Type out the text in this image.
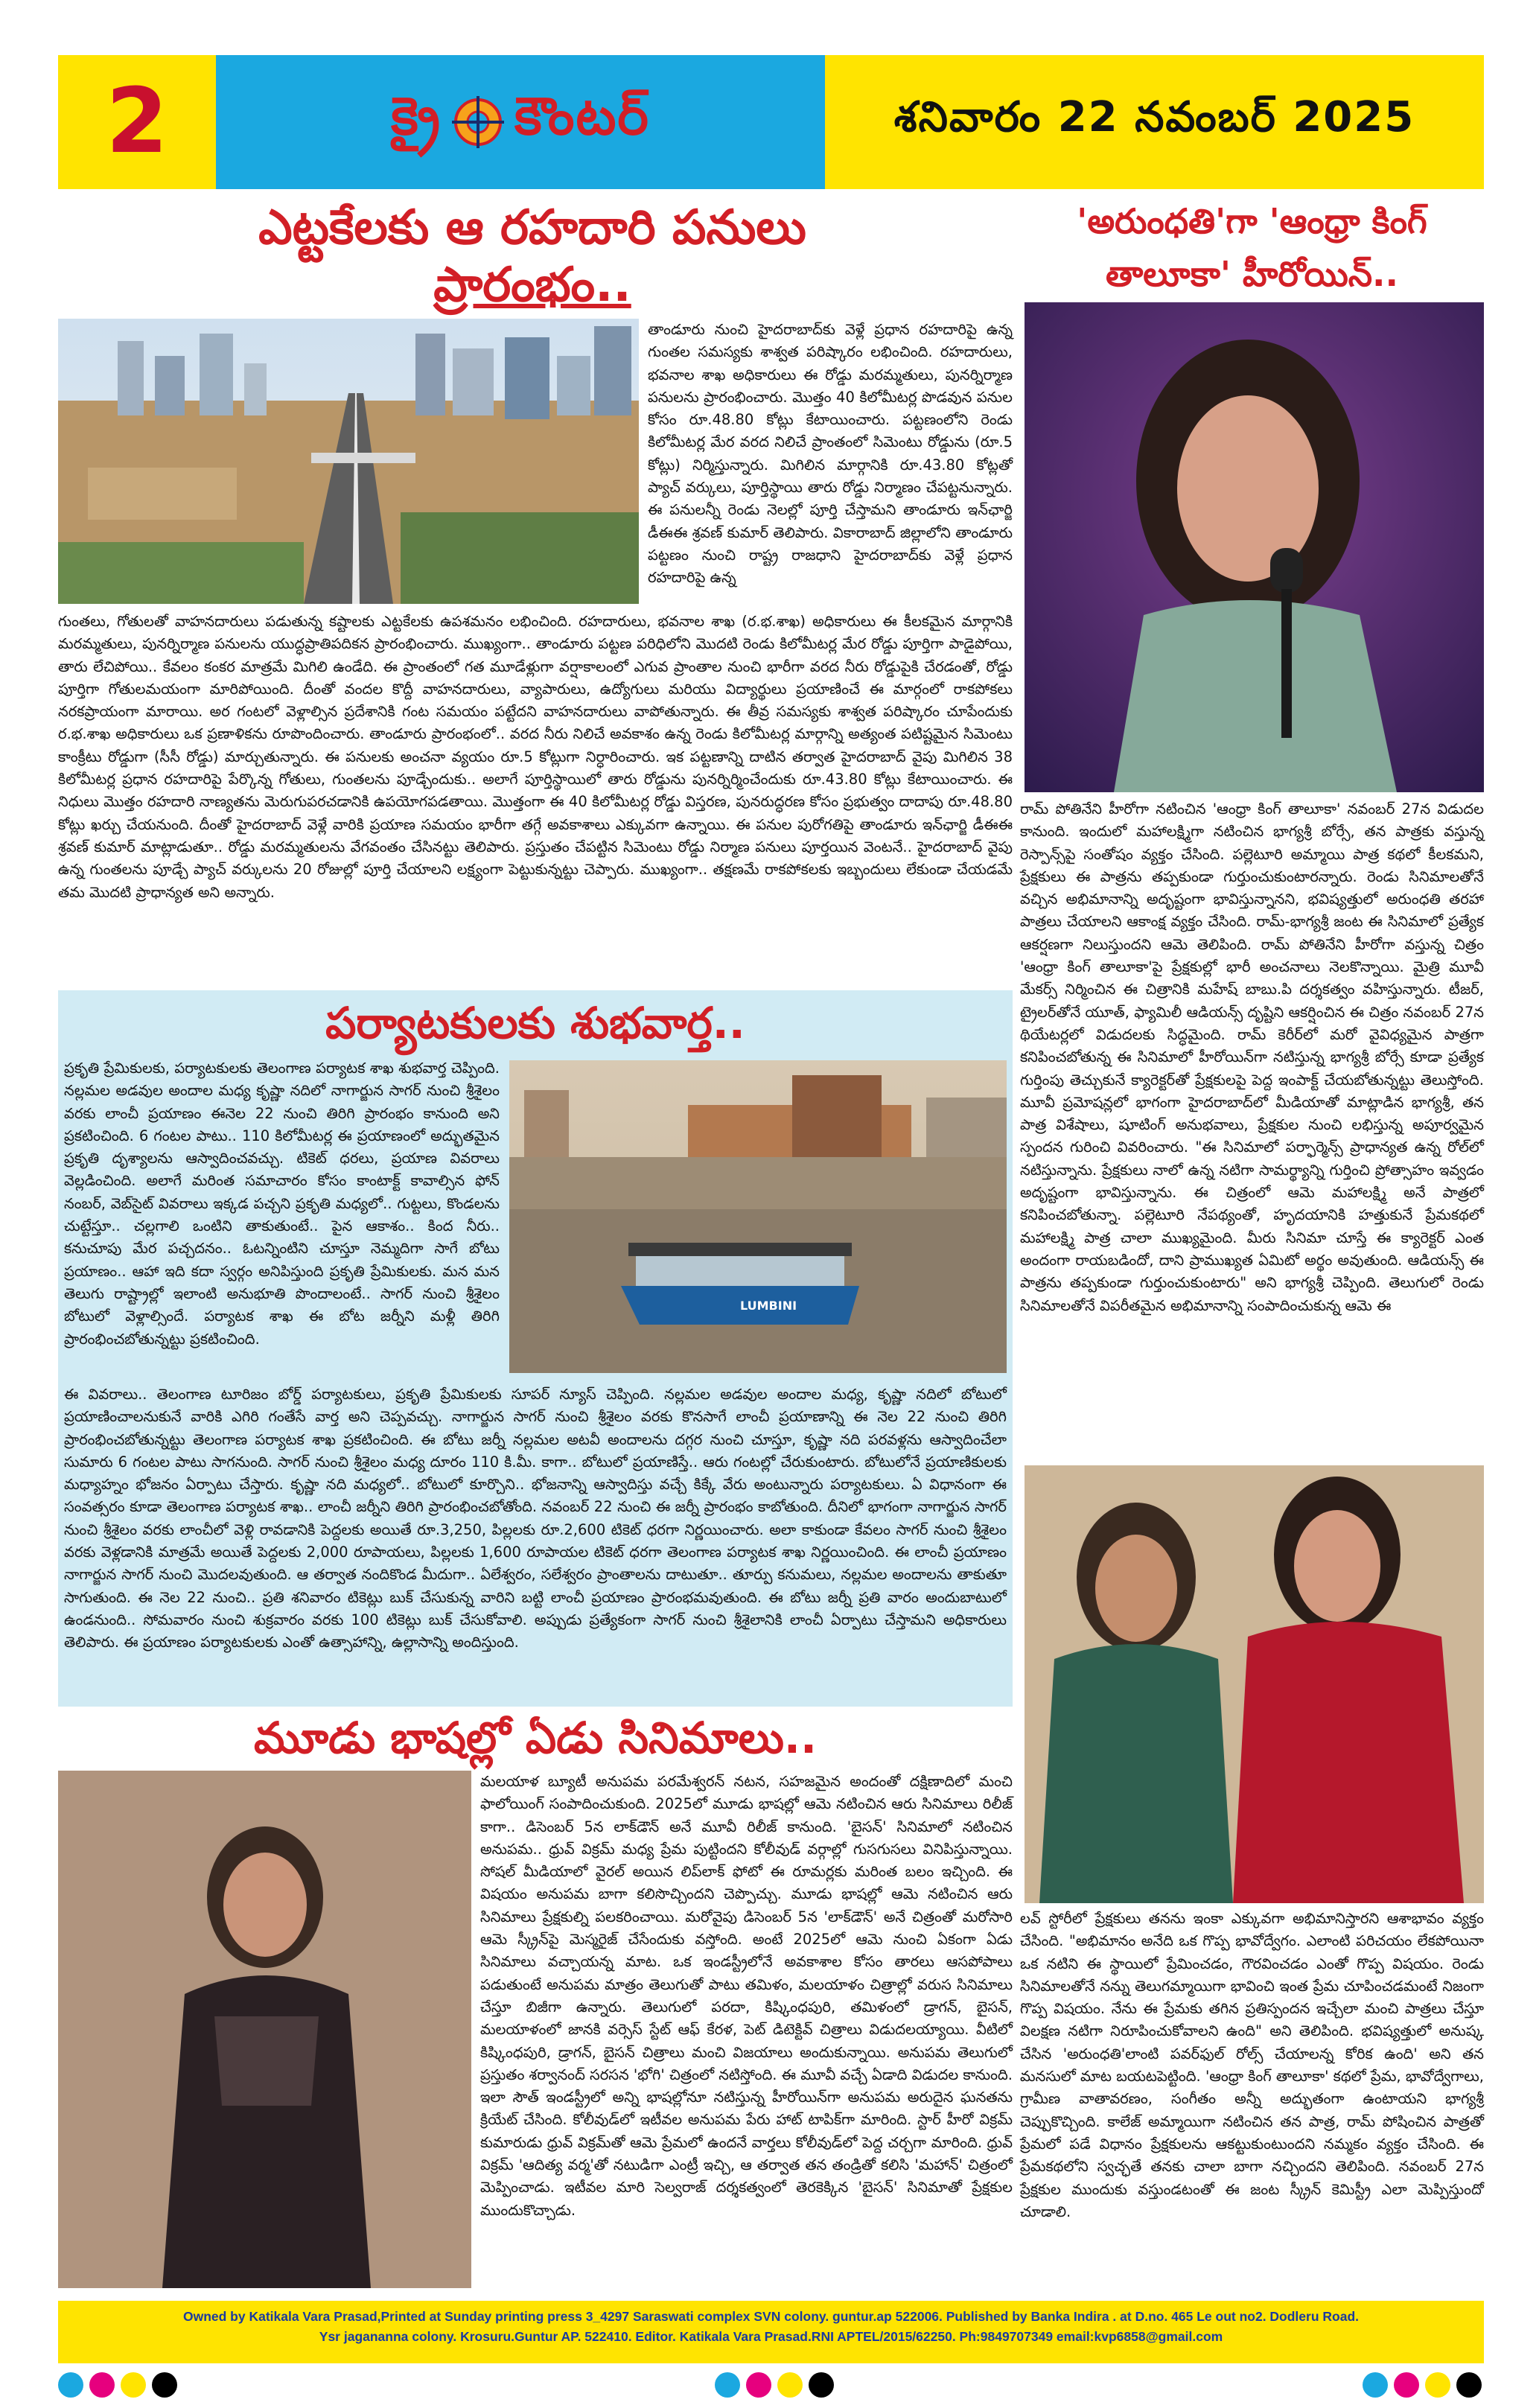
2	క్రై కౌంటర్	శనివారం 22 నవంబర్ 2025
ఎట్టకేలకు ఆ రహదారి పనులు
ప్రారంభం..
తాండూరు నుంచి హైదరాబాద్‌కు వెళ్లే ప్రధాన రహదారిపై ఉన్న గుంతల సమస్యకు శాశ్వత పరిష్కారం లభించింది. రహదారులు, భవనాల శాఖ అధికారులు ఈ రోడ్డు మరమ్మతులు, పునర్నిర్మాణ పనులను ప్రారంభించారు. మొత్తం 40 కిలోమీటర్ల పొడవున పనుల కోసం రూ.48.80 కోట్లు కేటాయించారు. పట్టణంలోని రెండు కిలోమీటర్ల మేర వరద నిలిచే ప్రాంతంలో సిమెంటు రోడ్డును (రూ.5 కోట్లు) నిర్మిస్తున్నారు. మిగిలిన మార్గానికి రూ.43.80 కోట్లతో ప్యాచ్ వర్కులు, పూర్తిస్థాయి తారు రోడ్డు నిర్మాణం చేపట్టనున్నారు. ఈ పనులన్నీ రెండు నెలల్లో పూర్తి చేస్తామని తాండూరు ఇన్‌ఛార్జి డీఈఈ శ్రవణ్ కుమార్ తెలిపారు. వికారాబాద్ జిల్లాలోని తాండూరు పట్టణం నుంచి రాష్ట్ర రాజధాని హైదరాబాద్‌కు వెళ్లే ప్రధాన రహదారిపై ఉన్న
గుంతలు, గోతులతో వాహనదారులు పడుతున్న కష్టాలకు ఎట్టకేలకు ఉపశమనం లభించింది. రహదారులు, భవనాల శాఖ (ర.భ.శాఖ) అధికారులు ఈ కీలకమైన మార్గానికి మరమ్మతులు, పునర్నిర్మాణ పనులను యుద్ధప్రాతిపదికన ప్రారంభించారు. ముఖ్యంగా.. తాండూరు పట్టణ పరిధిలోని మొదటి రెండు కిలోమీటర్ల మేర రోడ్డు పూర్తిగా పాడైపోయి, తారు లేచిపోయి.. కేవలం కంకర మాత్రమే మిగిలి ఉండేది. ఈ ప్రాంతంలో గత మూడేళ్లుగా వర్షాకాలంలో ఎగువ ప్రాంతాల నుంచి భారీగా వరద నీరు రోడ్డుపైకి చేరడంతో, రోడ్డు పూర్తిగా గోతులమయంగా మారిపోయింది. దీంతో వందల కొద్దీ వాహనదారులు, వ్యాపారులు, ఉద్యోగులు మరియు విద్యార్థులు ప్రయాణించే ఈ మార్గంలో రాకపోకలు నరకప్రాయంగా మారాయి. అర గంటలో వెళ్లాల్సిన ప్రదేశానికి గంట సమయం పట్టేదని వాహనదారులు వాపోతున్నారు. ఈ తీవ్ర సమస్యకు శాశ్వత పరిష్కారం చూపేందుకు ర.భ.శాఖ అధికారులు ఒక ప్రణాళికను రూపొందించారు. తాండూరు ప్రారంభంలో.. వరద నీరు నిలిచే అవకాశం ఉన్న రెండు కిలోమీటర్ల మార్గాన్ని అత్యంత పటిష్టమైన సిమెంటు కాంక్రీటు రోడ్డుగా (సీసీ రోడ్డు) మార్చుతున్నారు. ఈ పనులకు అంచనా వ్యయం రూ.5 కోట్లుగా నిర్ధారించారు. ఇక పట్టణాన్ని దాటిన తర్వాత హైదరాబాద్ వైపు మిగిలిన 38 కిలోమీటర్ల ప్రధాన రహదారిపై పేర్కొన్న గోతులు, గుంతలను పూడ్చేందుకు.. అలాగే పూర్తిస్థాయిలో తారు రోడ్డును పునర్నిర్మించేందుకు రూ.43.80 కోట్లు కేటాయించారు. ఈ నిధులు మొత్తం రహదారి నాణ్యతను మెరుగుపరచడానికి ఉపయోగపడతాయి. మొత్తంగా ఈ 40 కిలోమీటర్ల రోడ్డు విస్తరణ, పునరుద్ధరణ కోసం ప్రభుత్వం దాదాపు రూ.48.80 కోట్లు ఖర్చు చేయనుంది. దీంతో హైదరాబాద్ వెళ్లే వారికి ప్రయాణ సమయం భారీగా తగ్గే అవకాశాలు ఎక్కువగా ఉన్నాయి. ఈ పనుల పురోగతిపై తాండూరు ఇన్‌ఛార్జి డీఈఈ శ్రవణ్ కుమార్ మాట్లాడుతూ.. రోడ్డు మరమ్మతులను వేగవంతం చేసినట్టు తెలిపారు. ప్రస్తుతం చేపట్టిన సిమెంటు రోడ్డు నిర్మాణ పనులు పూర్తయిన వెంటనే.. హైదరాబాద్ వైపు ఉన్న గుంతలను పూడ్చే ప్యాచ్ వర్కులను 20 రోజుల్లో పూర్తి చేయాలని లక్ష్యంగా పెట్టుకున్నట్టు చెప్పారు. ముఖ్యంగా.. తక్షణమే రాకపోకలకు ఇబ్బందులు లేకుండా చేయడమే తమ మొదటి ప్రాధాన్యత అని అన్నారు.
పర్యాటకులకు శుభవార్త..
ప్రకృతి ప్రేమికులకు, పర్యాటకులకు తెలంగాణ పర్యాటక శాఖ శుభవార్త చెప్పింది. నల్లమల అడవుల అందాల మధ్య కృష్ణా నదిలో నాగార్జున సాగర్ నుంచి శ్రీశైలం వరకు లాంచీ ప్రయాణం ఈనెల 22 నుంచి తిరిగి ప్రారంభం కానుంది అని ప్రకటించింది. 6 గంటల పాటు.. 110 కిలోమీటర్ల ఈ ప్రయాణంలో అద్భుతమైన ప్రకృతి దృశ్యాలను ఆస్వాదించవచ్చు. టికెట్ ధరలు, ప్రయాణ వివరాలు వెల్లడించింది. అలాగే మరింత సమాచారం కోసం కాంటాక్ట్ కావాల్సిన ఫోన్ నంబర్, వెబ్‌సైట్ వివరాలు ఇక్కడ పచ్చని ప్రకృతి మధ్యలో.. గుట్టలు, కొండలను చుట్టేస్తూ.. చల్లగాలి ఒంటిని తాకుతుంటే.. పైన ఆకాశం.. కింద నీరు.. కనుచూపు మేర పచ్చదనం.. ఓటన్నింటిని చూస్తూ నెమ్మదిగా సాగే బోటు ప్రయాణం.. ఆహా ఇది కదా స్వర్గం అనిపిస్తుంది ప్రకృతి ప్రేమికులకు. మన మన తెలుగు రాష్ట్రాల్లో ఇలాంటి అనుభూతి పొందాలంటే.. సాగర్ నుంచి శ్రీశైలం బోటులో వెళ్లాల్సిందే. పర్యాటక శాఖ ఈ బోట జర్నీని మళ్లీ తిరిగి ప్రారంభించబోతున్నట్టు ప్రకటించింది.
LUMBINI
ఈ వివరాలు.. తెలంగాణ టూరిజం బోర్డ్ పర్యాటకులు, ప్రకృతి ప్రేమికులకు సూపర్ న్యూస్ చెప్పింది. నల్లమల అడవుల అందాల మధ్య, కృష్ణా నదిలో బోటులో ప్రయాణించాలనుకునే వారికి ఎగిరి గంతేసే వార్త అని చెప్పవచ్చు. నాగార్జున సాగర్ నుంచి శ్రీశైలం వరకు కొనసాగే లాంచీ ప్రయాణాన్ని ఈ నెల 22 నుంచి తిరిగి ప్రారంభించబోతున్నట్టు తెలంగాణ పర్యాటక శాఖ ప్రకటించింది. ఈ బోటు జర్నీ నల్లమల అటవీ అందాలను దగ్గర నుంచి చూస్తూ, కృష్ణా నది పరవళ్లను ఆస్వాదించేలా సుమారు 6 గంటల పాటు సాగనుంది. సాగర్ నుంచి శ్రీశైలం మధ్య దూరం 110 కి.మీ. కాగా.. బోటులో ప్రయాణిస్తే.. ఆరు గంటల్లో చేరుకుంటారు. బోటులోనే ప్రయాణికులకు మధ్యాహ్నం భోజనం ఏర్పాటు చేస్తారు. కృష్ణా నది మధ్యలో.. బోటులో కూర్చొని.. భోజనాన్ని ఆస్వాదిస్తు వచ్చే కిక్కే వేరు అంటున్నారు పర్యాటకులు. ఏ విధానంగా ఈ సంవత్సరం కూడా తెలంగాణ పర్యాటక శాఖ.. లాంచీ జర్నీని తిరిగి ప్రారంభించబోతోంది. నవంబర్ 22 నుంచి ఈ జర్నీ ప్రారంభం కాబోతుంది. దీనిలో భాగంగా నాగార్జున సాగర్ నుంచి శ్రీశైలం వరకు లాంచీలో వెళ్లి రావడానికి పెద్దలకు అయితే రూ.3,250, పిల్లలకు రూ.2,600 టికెట్ ధరగా నిర్ణయించారు. అలా కాకుండా కేవలం సాగర్ నుంచి శ్రీశైలం వరకు వెళ్లడానికి మాత్రమే అయితే పెద్దలకు 2,000 రూపాయలు, పిల్లలకు 1,600 రూపాయల టికెట్ ధరగా తెలంగాణ పర్యాటక శాఖ నిర్ణయించింది. ఈ లాంచీ ప్రయాణం నాగార్జున సాగర్ నుంచి మొదలవుతుంది. ఆ తర్వాత నందికొండ మీదుగా.. ఏలేశ్వరం, సలేశ్వరం ప్రాంతాలను దాటుతూ.. తూర్పు కనుమలు, నల్లమల అందాలను తాకుతూ సాగుతుంది. ఈ నెల 22 నుంచి.. ప్రతి శనివారం టికెట్లు బుక్ చేసుకున్న వారిని బట్టి లాంచీ ప్రయాణం ప్రారంభమవుతుంది. ఈ బోటు జర్నీ ప్రతి వారం అందుబాటులో ఉండనుంది.. సోమవారం నుంచి శుక్రవారం వరకు 100 టికెట్లు బుక్ చేసుకోవాలి. అప్పుడు ప్రత్యేకంగా సాగర్ నుంచి శ్రీశైలానికి లాంచీ ఏర్పాటు చేస్తామని అధికారులు తెలిపారు. ఈ ప్రయాణం పర్యాటకులకు ఎంతో ఉత్సాహాన్ని, ఉల్లాసాన్ని అందిస్తుంది.
మూడు భాషల్లో ఏడు సినిమాలు..
మలయాళ బ్యూటీ అనుపమ పరమేశ్వరన్ నటన, సహజమైన అందంతో దక్షిణాదిలో మంచి ఫాలోయింగ్ సంపాదించుకుంది. 2025లో మూడు భాషల్లో ఆమె నటించిన ఆరు సినిమాలు రిలీజ్ కాగా.. డిసెంబర్ 5న లాక్‌డౌన్ అనే మూవీ రిలీజ్ కానుంది. 'బైసన్' సినిమాలో నటించిన అనుపమ.. ధ్రువ్ విక్రమ్ మధ్య ప్రేమ పుట్టిందని కోలీవుడ్ వర్గాల్లో గుసగుసలు వినిపిస్తున్నాయి. సోషల్ మీడియాలో వైరల్ అయిన లిప్‌లాక్ ఫోటో ఈ రూమర్లకు మరింత బలం ఇచ్చింది. ఈ విషయం అనుపమ బాగా కలిసొచ్చిందని చెప్పొచ్చు. మూడు భాషల్లో ఆమె నటించిన ఆరు సినిమాలు ప్రేక్షకుల్ని పలకరించాయి. మరోవైపు డిసెంబర్ 5న 'లాక్‌డౌన్' అనే చిత్రంతో మరోసారి ఆమె స్క్రీన్‌పై మెస్మరైజ్ చేసేందుకు వస్తోంది. అంటే 2025లో ఆమె నుంచి ఏకంగా ఏడు సినిమాలు వచ్చాయన్న మాట. ఒక ఇండస్ట్రీలోనే అవకాశాల కోసం తారలు ఆసపోపాలు పడుతుంటే అనుపమ మాత్రం తెలుగుతో పాటు తమిళం, మలయాళం చిత్రాల్లో వరుస సినిమాలు చేస్తూ బిజీగా ఉన్నారు. తెలుగులో పరదా, కిష్కింధపురి, తమిళంలో డ్రాగన్, బైసన్, మలయాళంలో జానకి వర్సెస్ స్టేట్ ఆఫ్ కేరళ, పెట్ డిటెక్టివ్ చిత్రాలు విడుదలయ్యాయి. వీటిలో కిష్కింధపురి, డ్రాగన్, బైసన్ చిత్రాలు మంచి విజయాలు అందుకున్నాయి. అనుపమ తెలుగులో ప్రస్తుతం శర్వానంద్ సరసన 'భోగి' చిత్రంలో నటిస్తోంది. ఈ మూవీ వచ్చే ఏడాది విడుదల కానుంది. ఇలా సౌత్ ఇండస్ట్రీలో అన్ని భాషల్లోనూ నటిస్తున్న హీరోయిన్‌గా అనుపమ అరుదైన ఘనతను క్రియేట్ చేసింది. కోలీవుడ్‌లో ఇటీవల అనుపమ పేరు హాట్ టాపిక్‌గా మారింది. స్టార్ హీరో విక్రమ్ కుమారుడు ధ్రువ్ విక్రమ్‌తో ఆమె ప్రేమలో ఉందనే వార్తలు కోలీవుడ్‌లో పెద్ద చర్చగా మారింది. ధ్రువ్ విక్రమ్ 'ఆదిత్య వర్మ'తో నటుడిగా ఎంట్రీ ఇచ్చి, ఆ తర్వాత తన తండ్రితో కలిసి 'మహాన్' చిత్రంలో మెప్పించాడు. ఇటీవల మారి సెల్వరాజ్ దర్శకత్వంలో తెరకెక్కిన 'బైసన్' సినిమాతో ప్రేక్షకుల ముందుకొచ్చాడు.
'అరుంధతి'గా 'ఆంధ్రా కింగ్
తాలూకా' హీరోయిన్..
రామ్ పోతినేని హీరోగా నటించిన 'ఆంధ్రా కింగ్ తాలూకా' నవంబర్ 27న విడుదల కానుంది. ఇందులో మహాలక్ష్మిగా నటించిన భాగ్యశ్రీ బోర్సే, తన పాత్రకు వస్తున్న రెస్పాన్స్‌పై సంతోషం వ్యక్తం చేసింది. పల్లెటూరి అమ్మాయి పాత్ర కథలో కీలకమని, ప్రేక్షకులు ఈ పాత్రను తప్పకుండా గుర్తుంచుకుంటారన్నారు. రెండు సినిమాలతోనే వచ్చిన అభిమానాన్ని అదృష్టంగా భావిస్తున్నానని, భవిష్యత్తులో అరుంధతి తరహా పాత్రలు చేయాలని ఆకాంక్ష వ్యక్తం చేసింది. రామ్-భాగ్యశ్రీ జంట ఈ సినిమాలో ప్రత్యేక ఆకర్షణగా నిలుస్తుందని ఆమె తెలిపింది. రామ్ పోతినేని హీరోగా వస్తున్న చిత్రం 'ఆంధ్రా కింగ్ తాలూకా'పై ప్రేక్షకుల్లో భారీ అంచనాలు నెలకొన్నాయి. మైత్రి మూవీ మేకర్స్ నిర్మించిన ఈ చిత్రానికి మహేష్ బాబు.పి దర్శకత్వం వహిస్తున్నారు. టీజర్, ట్రైలర్‌తోనే యూత్, ఫ్యామిలీ ఆడియన్స్ దృష్టిని ఆకర్షించిన ఈ చిత్రం నవంబర్ 27న థియేటర్లలో విడుదలకు సిద్ధమైంది. రామ్ కెరీర్‌లో మరో వైవిధ్యమైన పాత్రగా కనిపించబోతున్న ఈ సినిమాలో హీరోయిన్‌గా నటిస్తున్న భాగ్యశ్రీ బోర్సే కూడా ప్రత్యేక గుర్తింపు తెచ్చుకునే క్యారెక్టర్‌తో ప్రేక్షకులపై పెద్ద ఇంపాక్ట్ చేయబోతున్నట్టు తెలుస్తోంది. మూవీ ప్రమోషన్లలో భాగంగా హైదరాబాద్‌లో మీడియాతో మాట్లాడిన భాగ్యశ్రీ, తన పాత్ర విశేషాలు, షూటింగ్ అనుభవాలు, ప్రేక్షకుల నుంచి లభిస్తున్న అపూర్వమైన స్పందన గురించి వివరించారు. "ఈ సినిమాలో పర్ఫార్మెన్స్ ప్రాధాన్యత ఉన్న రోల్‌లో నటిస్తున్నాను. ప్రేక్షకులు నాలో ఉన్న నటిగా సామర్థ్యాన్ని గుర్తించి ప్రోత్సాహం ఇవ్వడం అదృష్టంగా భావిస్తున్నాను. ఈ చిత్రంలో ఆమె మహాలక్ష్మి అనే పాత్రలో కనిపించబోతున్నా. పల్లెటూరి నేపథ్యంతో, హృదయానికి హత్తుకునే ప్రేమకథలో మహాలక్ష్మి పాత్ర చాలా ముఖ్యమైంది. మీరు సినిమా చూస్తే ఈ క్యారెక్టర్ ఎంత అందంగా రాయబడిందో, దాని ప్రాముఖ్యత ఏమిటో అర్థం అవుతుంది. ఆడియన్స్ ఈ పాత్రను తప్పకుండా గుర్తుంచుకుంటారు" అని భాగ్యశ్రీ చెప్పింది. తెలుగులో రెండు సినిమాలతోనే విపరీతమైన అభిమానాన్ని సంపాదించుకున్న ఆమె ఈ
లవ్ స్టోరీలో ప్రేక్షకులు తనను ఇంకా ఎక్కువగా అభిమానిస్తారని ఆశాభావం వ్యక్తం చేసింది. "అభిమానం అనేది ఒక గొప్ప భావోద్వేగం. ఎలాంటి పరిచయం లేకపోయినా ఒక నటిని ఈ స్థాయిలో ప్రేమించడం, గౌరవించడం ఎంతో గొప్ప విషయం. రెండు సినిమాలతోనే నన్ను తెలుగమ్మాయిగా భావించి ఇంత ప్రేమ చూపించడమంటే నిజంగా గొప్ప విషయం. నేను ఈ ప్రేమకు తగిన ప్రతిస్పందన ఇచ్చేలా మంచి పాత్రలు చేస్తూ విలక్షణ నటిగా నిరూపించుకోవాలని ఉంది" అని తెలిపింది. భవిష్యత్తులో అనుష్క చేసిన 'అరుంధతి'లాంటి పవర్‌ఫుల్ రోల్స్ చేయాలన్న కోరిక ఉంది' అని తన మనసులో మాట బయటపెట్టింది. 'ఆంధ్రా కింగ్ తాలూకా' కథలో ప్రేమ, భావోద్వేగాలు, గ్రామీణ వాతావరణం, సంగీతం అన్నీ అద్భుతంగా ఉంటాయని భాగ్యశ్రీ చెప్పుకొచ్చింది. కాలేజ్ అమ్మాయిగా నటించిన తన పాత్ర, రామ్ పోషించిన పాత్రతో ప్రేమలో పడే విధానం ప్రేక్షకులను ఆకట్టుకుంటుందని నమ్మకం వ్యక్తం చేసింది. ఈ ప్రేమకథలోని స్వచ్ఛతే తనకు చాలా బాగా నచ్చిందని తెలిపింది. నవంబర్ 27న ప్రేక్షకుల ముందుకు వస్తుండటంతో ఈ జంట స్క్రీన్ కెమిస్ట్రీ ఎలా మెప్పిస్తుందో చూడాలి.
Owned by Katikala Vara Prasad,Printed at Sunday printing press 3_4297 Saraswati complex SVN colony. guntur.ap 522006. Published by Banka Indira . at D.no. 465 Le out no2. Dodleru Road.
Ysr jagananna colony. Krosuru.Guntur AP. 522410. Editor. Katikala Vara Prasad.RNI APTEL/2015/62250. Ph:9849707349 email:kvp6858@gmail.com
